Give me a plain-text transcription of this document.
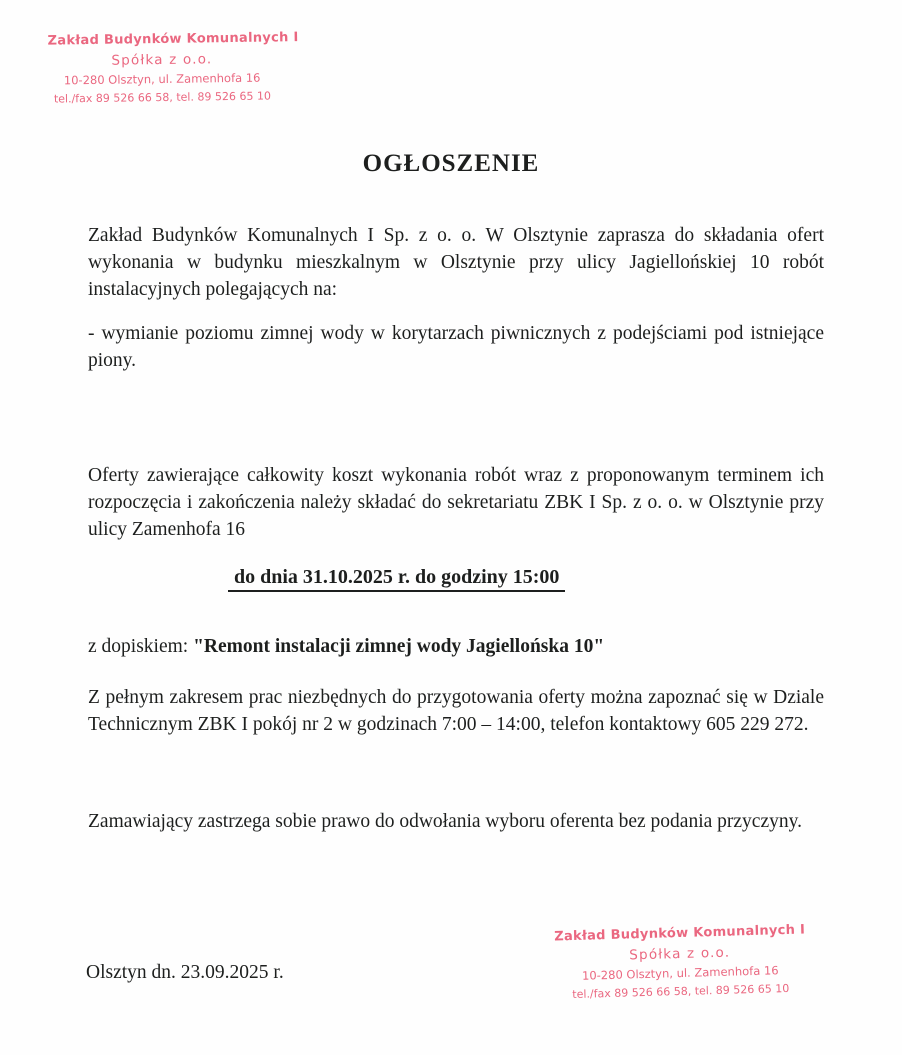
Zakład Budynków Komunalnych I
Spółka z o.o.
10-280 Olsztyn, ul. Zamenhofa 16
tel./fax 89 526 66 58, tel. 89 526 65 10
OGŁOSZENIE
Zakład Budynków Komunalnych I Sp. z o. o. W Olsztynie zaprasza do składania ofert wykonania w budynku mieszkalnym w Olsztynie przy ulicy Jagiellońskiej 10 robót instalacyjnych polegających na:
- wymianie poziomu zimnej wody w korytarzach piwnicznych z podejściami pod istniejące piony.
Oferty zawierające całkowity koszt wykonania robót wraz z proponowanym terminem ich rozpoczęcia i zakończenia należy składać do sekretariatu ZBK I Sp. z o. o. w Olsztynie przy ulicy Zamenhofa 16
do dnia 31.10.2025 r. do godziny 15:00
z dopiskiem: "Remont instalacji zimnej wody Jagiellońska 10"
Z pełnym zakresem prac niezbędnych do przygotowania oferty można zapoznać się w Dziale Technicznym ZBK I pokój nr 2 w godzinach 7:00 – 14:00, telefon kontaktowy 605 229 272.
Zamawiający zastrzega sobie prawo do odwołania wyboru oferenta bez podania przyczyny.
Zakład Budynków Komunalnych I
Spółka z o.o.
10-280 Olsztyn, ul. Zamenhofa 16
tel./fax 89 526 66 58, tel. 89 526 65 10
Olsztyn dn. 23.09.2025 r.
